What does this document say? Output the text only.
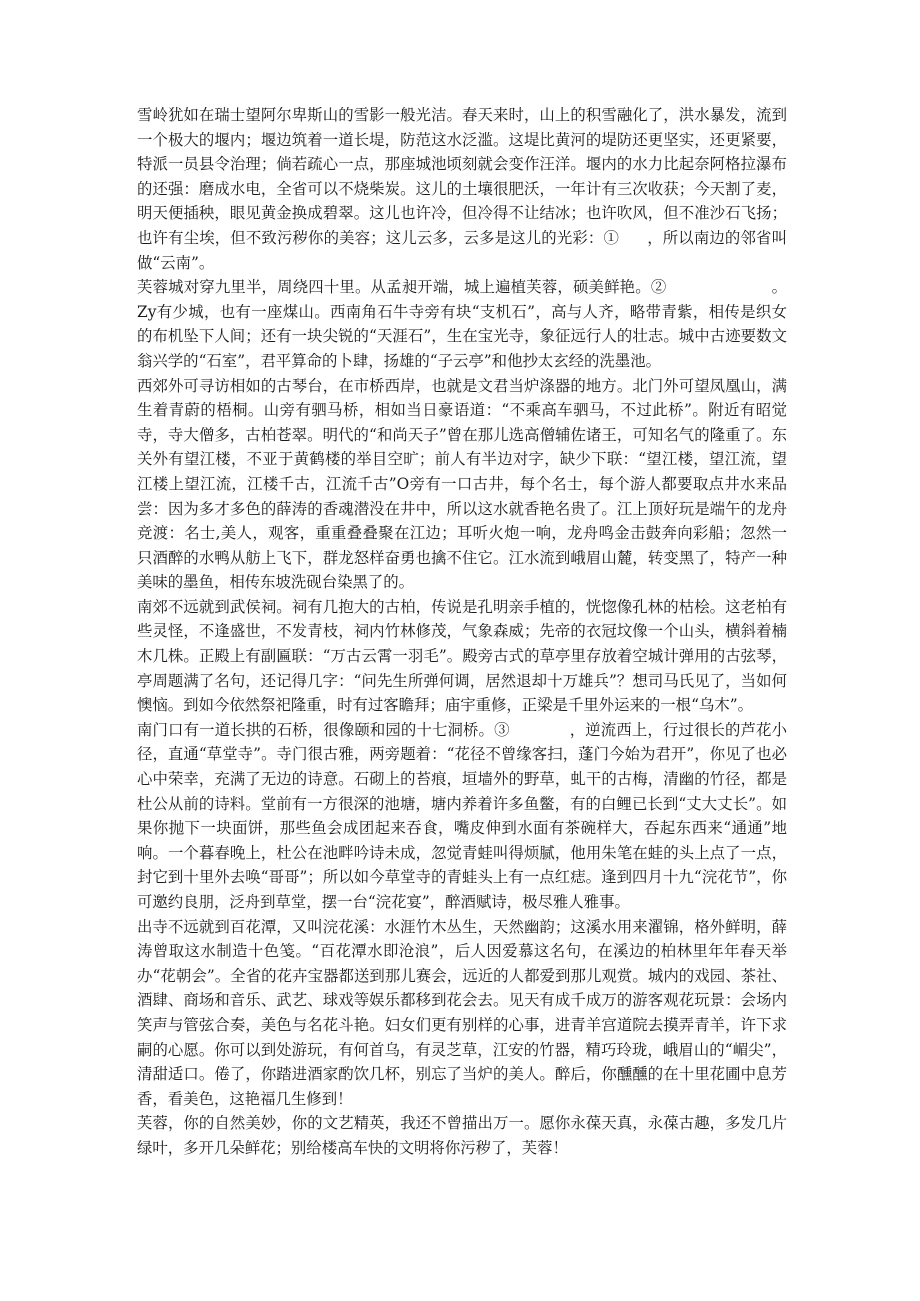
雪岭犹如在瑞士望阿尔卑斯山的雪影一般光洁。春天来时，山上的积雪融化了，洪水暴发，流到一个极大的堰内；堰边筑着一道长堤，防范这水泛滥。这堤比黄河的堤防还更坚实，还更紧要，特派一员县令治理；倘若疏心一点，那座城池顷刻就会变作汪洋。堰内的水力比起奈阿格拉瀑布的还强：磨成水电，全省可以不烧柴炭。这儿的土壤很肥沃，一年计有三次收获；今天割了麦，明天便插秧，眼见黄金换成碧翠。这儿也许冷，但冷得不让结冰；也许吹风，但不准沙石飞扬；也许有尘埃，但不致污秽你的美容；这儿云多，云多是这儿的光彩：① ，所以南边的邻省叫做“云南”。

芙蓉城对穿九里半，周绕四十里。从孟昶开端，城上遍植芙蓉，硕美鲜艳。②	。Zy有少城，也有一座煤山。西南角石牛寺旁有块“支机石”，高与人齐，略带青紫，相传是织女的布机坠下人间；还有一块尖锐的“天涯石”，生在宝光寺，象征远行人的壮志。城中古迹要数文翁兴学的“石室”，君平算命的卜肆，扬雄的“子云亭”和他抄太玄经的洗墨池。

西郊外可寻访相如的古琴台，在市桥西岸，也就是文君当炉涤器的地方。北门外可望凤凰山，满生着青蔚的梧桐。山旁有驷马桥，相如当日豪语道：“不乘高车驷马，不过此桥”。附近有昭觉寺，寺大僧多，古柏苍翠。明代的“和尚天子”曾在那儿选高僧辅佐诸王，可知名气的隆重了。东关外有望江楼，不亚于黄鹤楼的举目空旷；前人有半边对字，缺少下联：“望江楼，望江流，望江楼上望江流，江楼千古，江流千古”O旁有一口古井，每个名士，每个游人都要取点井水来品尝：因为多才多色的薛涛的香魂潜没在井中，所以这水就香艳名贵了。江上顶好玩是端午的龙舟竞渡：名士,美人，观客，重重叠叠聚在江边；耳听火炮一响，龙舟鸣金击鼓奔向彩船；忽然一只酒醉的水鸭从舫上飞下，群龙怒样奋勇也擒不住它。江水流到峨眉山麓，转变黑了，特产一种美味的墨鱼，相传东坡洗砚台染黑了的。

南郊不远就到武侯祠。祠有几抱大的古柏，传说是孔明亲手植的，恍惚像孔林的枯桧。这老柏有些灵怪，不逢盛世，不发青枝，祠内竹林修茂，气象森威；先帝的衣冠坟像一个山头，横斜着楠木几株。正殿上有副匾联：“万古云霄一羽毛”。殿旁古式的草亭里存放着空城计弹用的古弦琴，亭周题满了名句，还记得几字：“问先生所弹何调，居然退却十万雄兵”？想司马氏见了，当如何懊恼。到如今依然祭祀隆重，时有过客瞻拜；庙宇重修，正梁是千里外运来的一根“乌木”。

南门口有一道长拱的石桥，很像颐和园的十七洞桥。③	，逆流西上，行过很长的芦花小径，直通“草堂寺”。寺门很古雅，两旁题着：“花径不曾缘客扫，蓬门今始为君开”，你见了也必心中荣幸，充满了无边的诗意。石砌上的苔痕，垣墙外的野草，虬干的古梅，清幽的竹径，都是杜公从前的诗料。堂前有一方很深的池塘，塘内养着许多鱼鳖，有的白鲤已长到“丈大丈长”。如果你抛下一块面饼，那些鱼会成团起来吞食，嘴皮伸到水面有茶碗样大，吞起东西来“通通”地响。一个暮春晚上，杜公在池畔吟诗未成，忽觉青蛙叫得烦腻，他用朱笔在蛙的头上点了一点，封它到十里外去唤“哥哥”；所以如今草堂寺的青蛙头上有一点红痣。逢到四月十九“浣花节”，你可邀约良朋，泛舟到草堂，摆一台“浣花宴”，醉酒赋诗，极尽雅人雅事。

出寺不远就到百花潭，又叫浣花溪：水涯竹木丛生，天然幽韵；这溪水用来濯锦，格外鲜明，薛涛曾取这水制造十色笺。“百花潭水即沧浪”，后人因爱慕这名句，在溪边的柏林里年年春天举办“花朝会”。全省的花卉宝器都送到那儿赛会，远近的人都爱到那儿观赏。城内的戏园、茶社、酒肆、商场和音乐、武艺、球戏等娱乐都移到花会去。见天有成千成万的游客观花玩景：会场内笑声与管弦合奏，美色与名花斗艳。妇女们更有别样的心事，进青羊宫道院去摸弄青羊，许下求嗣的心愿。你可以到处游玩，有何首乌，有灵芝草，江安的竹器，精巧玲珑，峨眉山的“嵋尖”，清甜适口。倦了，你踏进酒家酌饮几杯，别忘了当炉的美人。醉后，你醺醺的在十里花圃中息芳香，看美色，这艳福几生修到！

芙蓉，你的自然美妙，你的文艺精英，我还不曾描出万一。愿你永葆天真，永葆古趣，多发几片绿叶，多开几朵鲜花；别给楼高车快的文明将你污秽了，芙蓉！
